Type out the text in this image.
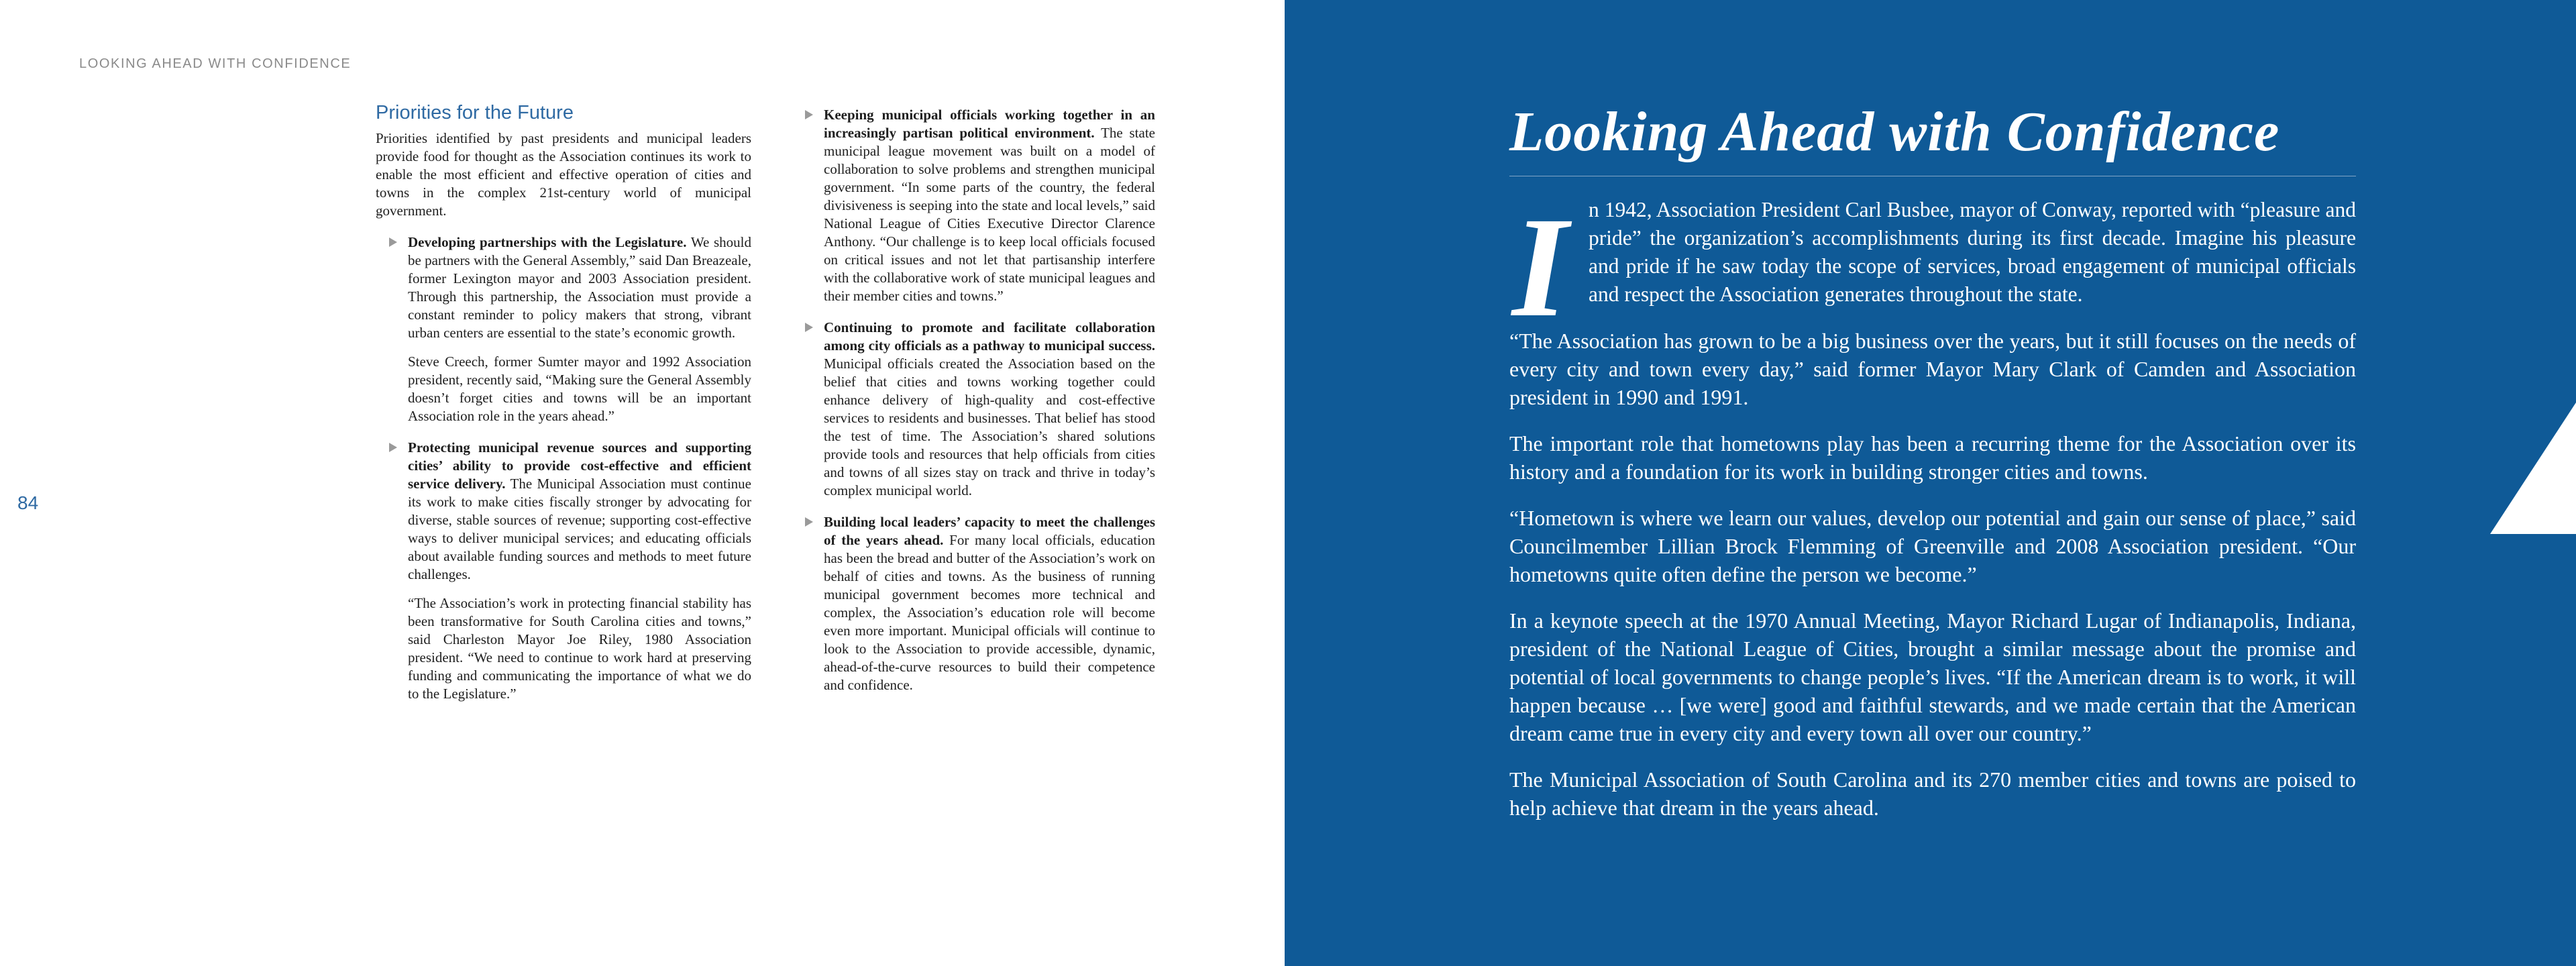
LOOKING AHEAD WITH CONFIDENCE
84
Priorities for the Future

Priorities identified by past presidents and municipal leaders provide food for thought as the Association continues its work to enable the most efficient and effective operation of cities and towns in the complex 21st-century world of municipal government.

Developing partnerships with the Legislature. We should be partners with the General Assembly,” said Dan Breazeale, former Lexington mayor and 2003 Association president. Through this partnership, the Association must provide a constant reminder to policy makers that strong, vibrant urban centers are essential to the state’s economic growth.

Steve Creech, former Sumter mayor and 1992 Association president, recently said, “Making sure the General Assembly doesn’t forget cities and towns will be an important Association role in the years ahead.”

Protecting municipal revenue sources and supporting cities’ ability to provide cost-effective and efficient service delivery. The Municipal Association must continue its work to make cities fiscally stronger by advocating for diverse, stable sources of revenue; supporting cost-effective ways to deliver municipal services; and educating officials about available funding sources and methods to meet future challenges.

“The Association’s work in protecting financial stability has been transformative for South Carolina cities and towns,” said Charleston Mayor Joe Riley, 1980 Association president. “We need to continue to work hard at preserving funding and communicating the importance of what we do to the Legislature.”

Keeping municipal officials working together in an increasingly partisan political environment. The state municipal league movement was built on a model of collaboration to solve problems and strengthen municipal government. “In some parts of the country, the federal divisiveness is seeping into the state and local levels,” said National League of Cities Executive Director Clarence Anthony. “Our challenge is to keep local officials focused on critical issues and not let that partisanship interfere with the collaborative work of state municipal leagues and their member cities and towns.”

Continuing to promote and facilitate collaboration among city officials as a pathway to municipal success. Municipal officials created the Association based on the belief that cities and towns working together could enhance delivery of high-quality and cost-effective services to residents and businesses. That belief has stood the test of time. The Association’s shared solutions provide tools and resources that help officials from cities and towns of all sizes stay on track and thrive in today’s complex municipal world.

Building local leaders’ capacity to meet the challenges of the years ahead. For many local officials, education has been the bread and butter of the Association’s work on behalf of cities and towns. As the business of running municipal government becomes more technical and complex, the Association’s education role will become even more important. Municipal officials will continue to look to the Association to provide accessible, dynamic, ahead-of-the-curve resources to build their competence and confidence.

Looking Ahead with Confidence

I n 1942, Association President Carl Busbee, mayor of Conway, reported with “pleasure and pride” the organization’s accomplishments during its first decade. Imagine his pleasure and pride if he saw today the scope of services, broad engagement of municipal officials and respect the Association generates throughout the state.

“The Association has grown to be a big business over the years, but it still focuses on the needs of every city and town every day,” said former Mayor Mary Clark of Camden and Association president in 1990 and 1991.

The important role that hometowns play has been a recurring theme for the Association over its history and a foundation for its work in building stronger cities and towns.

“Hometown is where we learn our values, develop our potential and gain our sense of place,” said Councilmember Lillian Brock Flemming of Greenville and 2008 Association president. “Our hometowns quite often define the person we become.”

In a keynote speech at the 1970 Annual Meeting, Mayor Richard Lugar of Indianapolis, Indiana, president of the National League of Cities, brought a similar message about the promise and potential of local governments to change people’s lives. “If the American dream is to work, it will happen because … [we were] good and faithful stewards, and we made certain that the American dream came true in every city and every town all over our country.”

The Municipal Association of South Carolina and its 270 member cities and towns are poised to help achieve that dream in the years ahead.
